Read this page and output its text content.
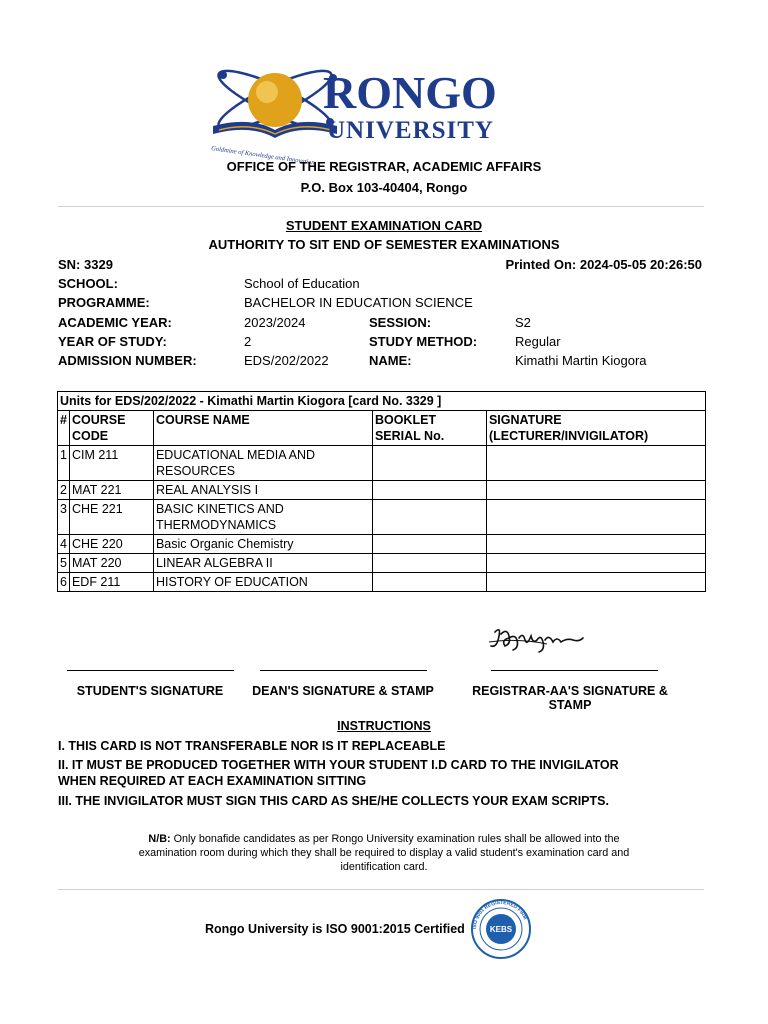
Goldmine of Knowledge and Innovation
RONGO
UNIVERSITY
OFFICE OF THE REGISTRAR, ACADEMIC AFFAIRS
P.O. Box 103-40404, Rongo
STUDENT EXAMINATION CARD
AUTHORITY TO SIT END OF SEMESTER EXAMINATIONS
SN: 3329	Printed On: 2024-05-05 20:26:50
SCHOOL:	School of Education
PROGRAMME:	BACHELOR IN EDUCATION SCIENCE
ACADEMIC YEAR:	2023/2024	SESSION:	S2
YEAR OF STUDY:	2	STUDY METHOD:	Regular
ADMISSION NUMBER:	EDS/202/2022	NAME:	Kimathi Martin Kiogora
Units for EDS/202/2022 - Kimathi Martin Kiogora [card No. 3329 ]				
#	COURSE CODE	COURSE NAME	BOOKLET SERIAL No.	SIGNATURE (LECTURER/INVIGILATOR)
1	CIM 211	EDUCATIONAL MEDIA AND RESOURCES		
2	MAT 221	REAL ANALYSIS I		
3	CHE 221	BASIC KINETICS AND THERMODYNAMICS		
4	CHE 220	Basic Organic Chemistry		
5	MAT 220	LINEAR ALGEBRA II		
6	EDF 211	HISTORY OF EDUCATION		
STUDENT'S SIGNATURE	DEAN'S SIGNATURE & STAMP	REGISTRAR-AA'S SIGNATURE & STAMP
INSTRUCTIONS
I. THIS CARD IS NOT TRANSFERABLE NOR IS IT REPLACEABLE
II. IT MUST BE PRODUCED TOGETHER WITH YOUR STUDENT I.D CARD TO THE INVIGILATOR WHEN REQUIRED AT EACH EXAMINATION SITTING
III. THE INVIGILATOR MUST SIGN THIS CARD AS SHE/HE COLLECTS YOUR EXAM SCRIPTS.
N/B: Only bonafide candidates as per Rongo University examination rules shall be allowed into the examination room during which they shall be required to display a valid student's examination card and identification card.
Rongo University is ISO 9001:2015 Certified ISO 9001 REGISTERED FIRM
KEBS
